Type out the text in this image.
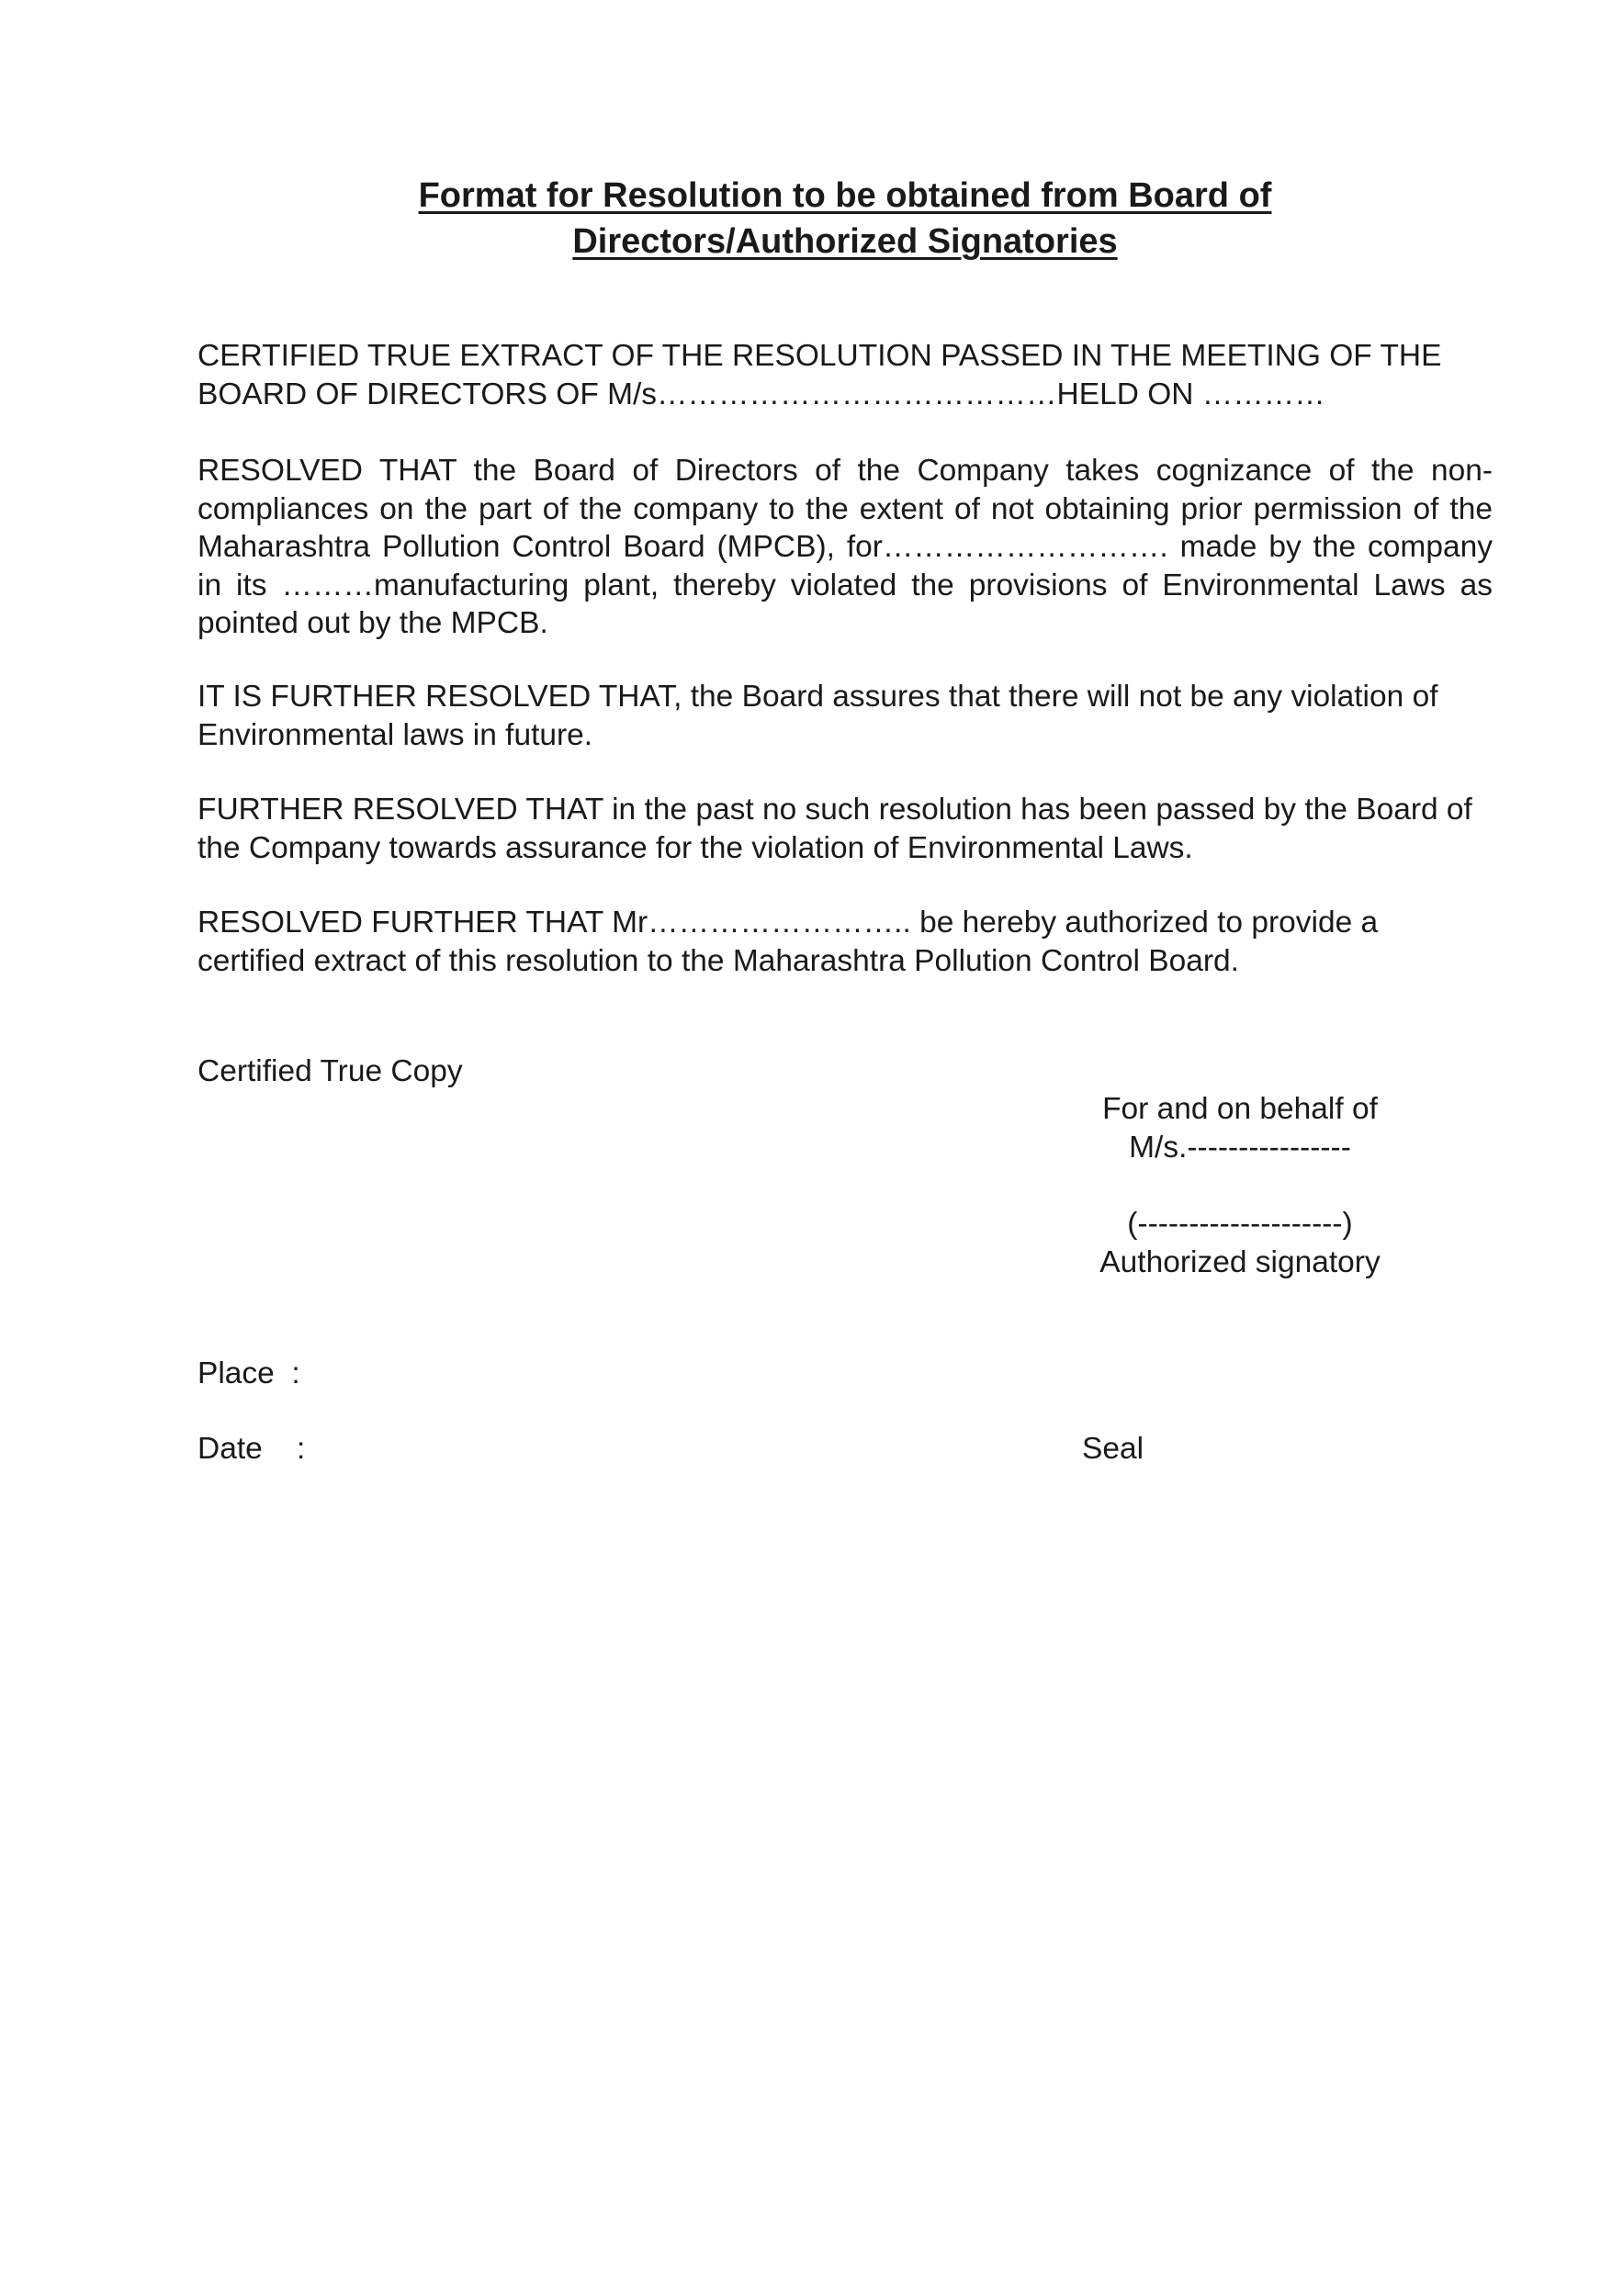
Format for Resolution to be obtained from Board of
Directors/Authorized Signatories

CERTIFIED TRUE EXTRACT OF THE RESOLUTION PASSED IN THE MEETING OF THE BOARD OF DIRECTORS OF M/s…………………………………HELD ON …………

RESOLVED THAT the Board of Directors of the Company takes cognizance of the non-compliances on the part of the company to the extent of not obtaining prior permission of the Maharashtra Pollution Control Board (MPCB), for………………………. made by the company in its ………manufacturing plant, thereby violated the provisions of Environmental Laws as pointed out by the MPCB.

IT IS FURTHER RESOLVED THAT, the Board assures that there will not be any violation of Environmental laws in future.

FURTHER RESOLVED THAT in the past no such resolution has been passed by the Board of the Company towards assurance for the violation of Environmental Laws.

RESOLVED FURTHER THAT Mr…………………….. be hereby authorized to provide a certified extract of this resolution to the Maharashtra Pollution Control Board.

Certified True Copy
For and on behalf of
M/s.----------------
(--------------------)
Authorized signatory
Place  :
Date    :	Seal
